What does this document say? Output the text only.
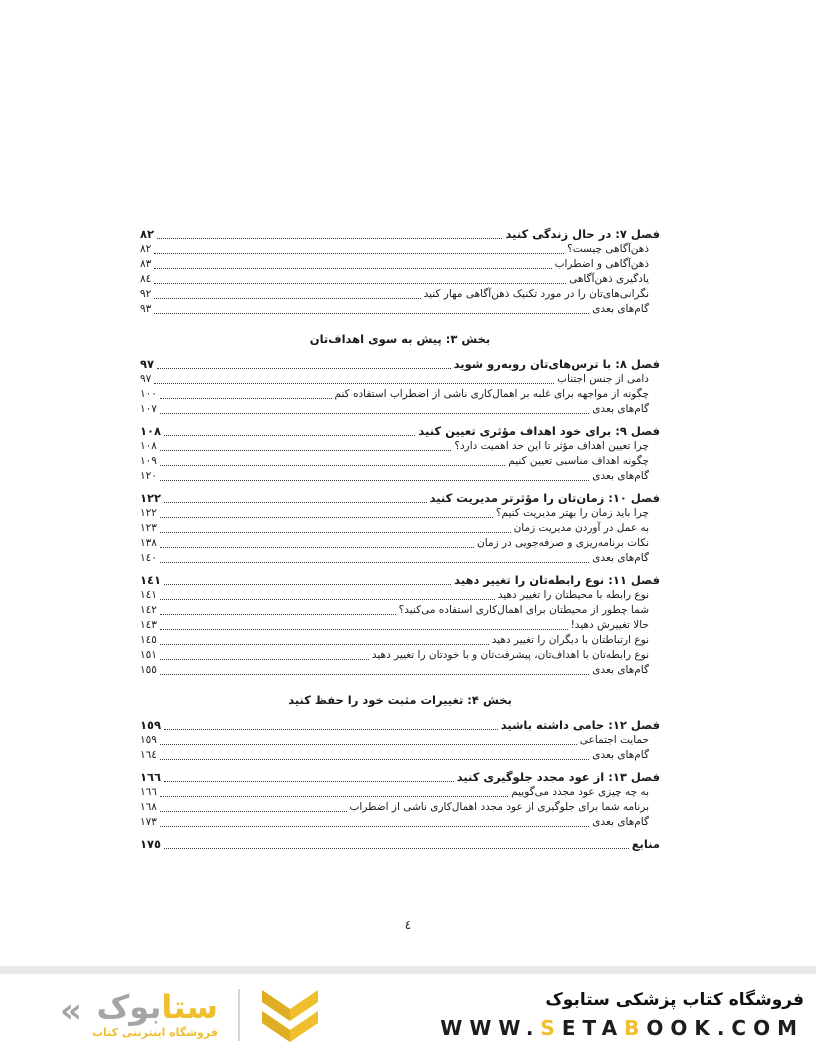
فصل ۷: در حال زندگی کنید
٨٢
ذهن‌آگاهی چیست؟
٨٢
ذهن‌آگاهی و اضطراب
٨٣
یادگیری ذهن‌آگاهی
٨٤
نگرانی‌های‌تان را در مورد تکنیک ذهن‌آگاهی مهار کنید
٩٢
گام‌های بعدی
٩٣
بخش ۳: پیش به سوی اهداف‌تان
فصل ۸: با ترس‌های‌تان روبه‌رو شوید
٩٧
دامی از جنس اجتناب
٩٧
چگونه از مواجهه برای غلبه بر اهمال‌کاری ناشی از اضطراب استفاده کنم
١٠٠
گام‌های بعدی
١٠٧
فصل ۹: برای خود اهداف مؤثری تعیین کنید
١٠٨
چرا تعیین اهداف مؤثر تا این حد اهمیت دارد؟
١٠٨
چگونه اهداف مناسبی تعیین کنیم
١٠٩
گام‌های بعدی
١٢٠
فصل ۱۰: زمان‌تان را مؤثرتر مدیریت کنید
١٢٢
چرا باید زمان را بهتر مدیریت کنیم؟
١٢٢
به عمل در آوردن مدیریت زمان
١٢٣
نکات برنامه‌ریزی و صرفه‌جویی در زمان
١٣٨
گام‌های بعدی
١٤٠
فصل ۱۱: نوع رابطه‌تان را تغییر دهید
١٤١
نوع رابطه با محیطتان را تغییر دهید
١٤١
شما چطور از محیطتان برای اهمال‌کاری استفاده می‌کنید؟
١٤٢
حالا تغییرش دهید!
١٤٣
نوع ارتباطتان با دیگران را تغییر دهید
١٤٥
نوع رابطه‌تان با اهداف‌تان، پیشرفت‌تان و با خودتان را تغییر دهید
١٥١
گام‌های بعدی
١٥٥
بخش ۴: تغییرات مثبت خود را حفظ کنید
فصل ۱۲: حامی داشته باشید
١٥٩
حمایت اجتماعی
١٥٩
گام‌های بعدی
١٦٤
فصل ۱۳: از عود مجدد جلوگیری کنید
١٦٦
به چه چیزی عود مجدد می‌گوییم
١٦٦
برنامه شما برای جلوگیری از عود مجدد اهمال‌کاری ناشی از اضطراب
١٦٨
گام‌های بعدی
١٧٣
منابع
١٧٥
٤
«	ستابوک
فروشگاه اینترنتی کتاب
فروشگاه کتاب پزشکی ستابوک
WWW.SETABOOK.COM
